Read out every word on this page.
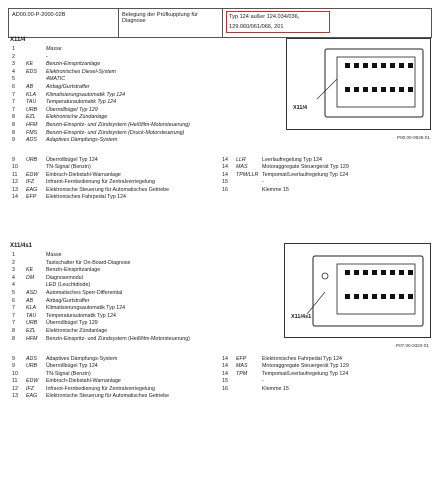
AD00.00-P-2000-02B	Belegung der Prüfkupplung für Diagnose
Typ 124 außer 124.034/036,
129.060/061/066, 201
X11/4
1	Masse
2	-
3 KE Benzin-Einspritzanlage
4 EDS Elektronisches Diesel-System
5	4MATIC
6 AB Airbag/Gurtstraffer
7 KLA Klimatisierungsautomatik Typ 124
7 TAU Temperaturautomatik Typ 124
7 URB Überrollbügel Typ 129
8 EZL Elektronische Zündanlage
8 HFM Benzin-Einspritz- und Zündsystem (Heißfilm-Motorsteuerung)
8 FMS Benzin-Einspritz- und Zündsystem (Druck-Motorsteuerung)
9 ADS Adaptives Dämpfungs-System
9 URB Überrollbügel Typ 124
10	TN-Signal (Benzin)
11 EDW Einbruch-Diebstahl-Warnanlage
12 IFZ Infrarot-Fernbedienung für Zentralverriegelung
13 EAG Elektronische Steuerung für Automatisches Getriebe
14 EFP Elektronisches Fahrpedal Typ 124
14 LLR	Leerlaufregelung Typ 124
14 MAS	Motoraggregate Steuergerät Typ 129
14 TPM/LLR Tempomat/Leerlaufregelung Typ 124
15	-
16	Klemme 15
X11/4
P00.00-0928-01
X11/4s1
1	Masse
2	Tastschalter für On-Board-Diagnose
3 KE Benzin-Einspritzanlage
4 DM Diagnosemodul
4	LED (Leuchtdiode)
5 ASD Automatisches Sperr-Differential
6 AB Airbag/Gurtstraffer
7 KLA Klimatisierungsautomatik Typ 124
7 TAU Temperaturautomatik Typ 124
7 URB Überrollbügel Typ 129
8 EZL Elektronische Zündanlage
8 HFM Benzin-Einspritz- und Zündsystem (Heißfilm-Motorsteuerung)
9 ADS Adaptives Dämpfungs-System
9 URB Überrollbügel Typ 124
10	TN-Signal (Benzin)
11 EDW Einbruch-Diebstahl-Warnanlage
12 IFZ Infrarot-Fernbedienung für Zentralverriegelung
13 EAG Elektronische Steuerung für Automatisches Getriebe
14 EFP	Elektronisches Fahrpedal Typ 124
14 MAS	Motoraggregate Steuergerät Typ 129
14 TPM	Tempomat/Leerlaufregelung Typ 124
15	-
16	Klemme 15
X11/4s1
P07.00-0322-01
